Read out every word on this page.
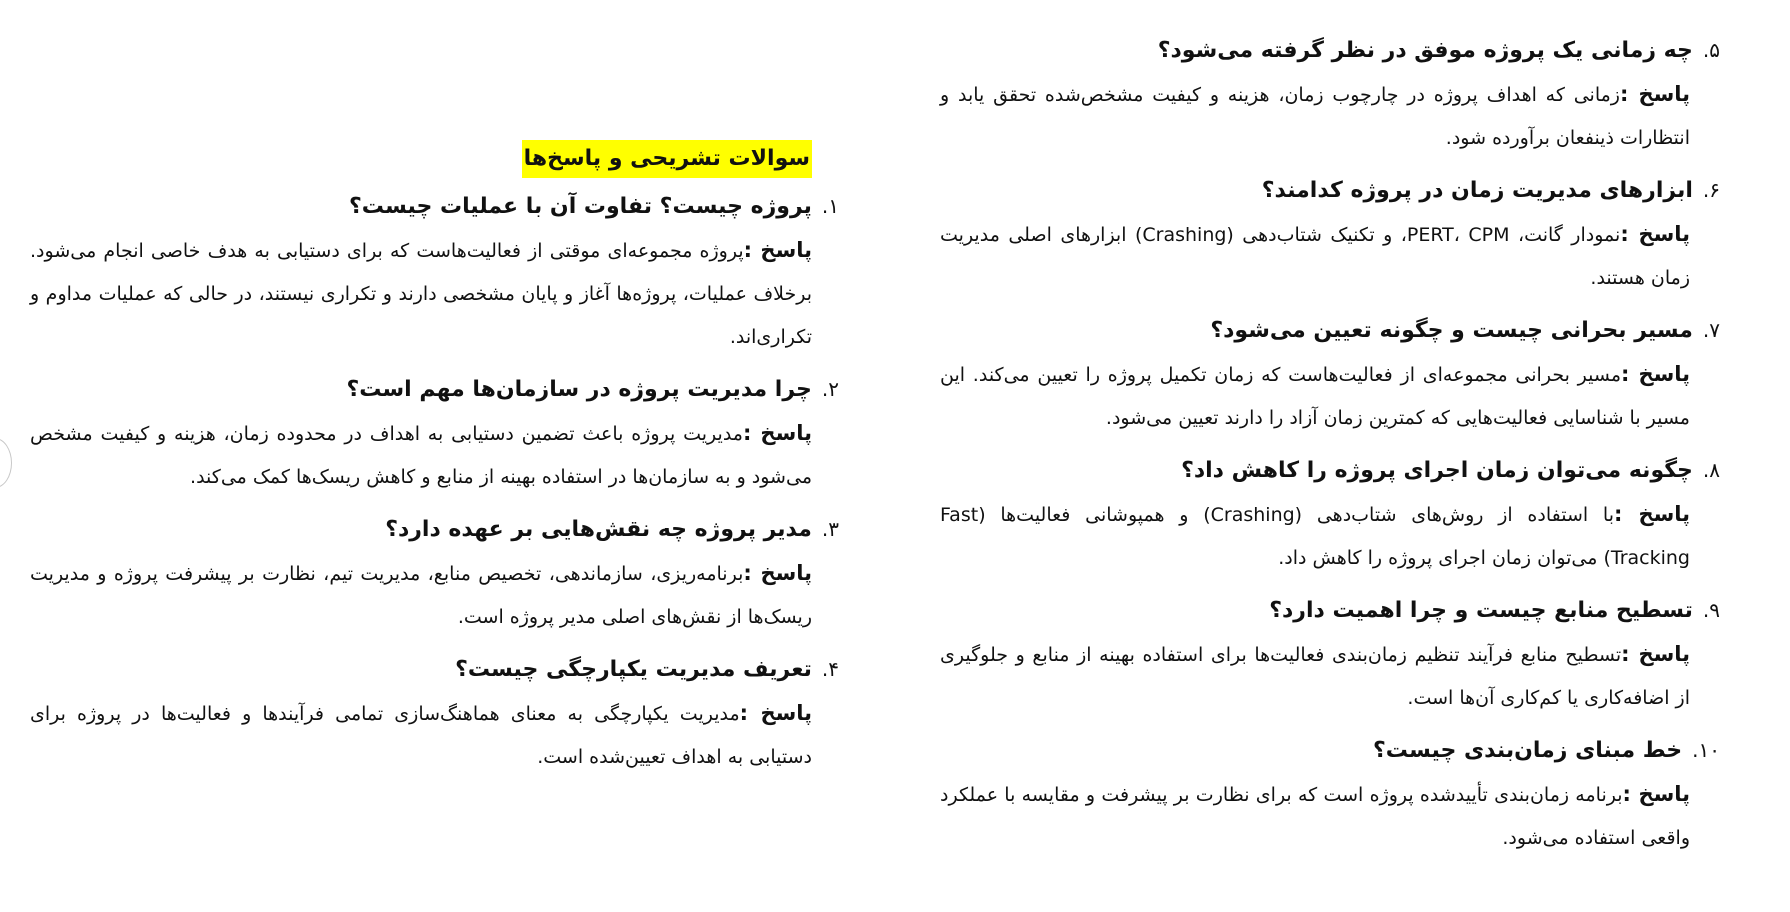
سوالات تشریحی و پاسخ‌ها
۱.
پروژه چیست؟ تفاوت آن با عملیات چیست؟

پاسخ :پروژه مجموعه‌ای موقتی از فعالیت‌هاست که برای دستیابی به هدف خاصی انجام می‌شود. برخلاف عملیات، پروژه‌ها آغاز و پایان مشخصی دارند و تکراری نیستند، در حالی که عملیات مداوم و تکراری‌اند.

۲.
چرا مدیریت پروژه در سازمان‌ها مهم است؟

پاسخ :مدیریت پروژه باعث تضمین دستیابی به اهداف در محدوده زمان، هزینه و کیفیت مشخص می‌شود و به سازمان‌ها در استفاده بهینه از منابع و کاهش ریسک‌ها کمک می‌کند.

۳.
مدیر پروژه چه نقش‌هایی بر عهده دارد؟

پاسخ :برنامه‌ریزی، سازماندهی، تخصیص منابع، مدیریت تیم، نظارت بر پیشرفت پروژه و مدیریت ریسک‌ها از نقش‌های اصلی مدیر پروژه است.

۴.
تعریف مدیریت یکپارچگی چیست؟

پاسخ :مدیریت یکپارچگی به معنای هماهنگ‌سازی تمامی فرآیندها و فعالیت‌ها در پروژه برای دستیابی به اهداف تعیین‌شده است.

۵.
چه زمانی یک پروژه موفق در نظر گرفته می‌شود؟

پاسخ :زمانی که اهداف پروژه در چارچوب زمان، هزینه و کیفیت مشخص‌شده تحقق یابد و انتظارات ذینفعان برآورده شود.

۶.
ابزارهای مدیریت زمان در پروژه کدامند؟

پاسخ :نمودار گانت، PERT، CPM، و تکنیک شتاب‌دهی (Crashing) ابزارهای اصلی مدیریت زمان هستند.

۷.
مسیر بحرانی چیست و چگونه تعیین می‌شود؟

پاسخ :مسیر بحرانی مجموعه‌ای از فعالیت‌هاست که زمان تکمیل پروژه را تعیین می‌کند. این مسیر با شناسایی فعالیت‌هایی که کمترین زمان آزاد را دارند تعیین می‌شود.

۸.
چگونه می‌توان زمان اجرای پروژه را کاهش داد؟

پاسخ :با استفاده از روش‌های شتاب‌دهی (Crashing) و همپوشانی فعالیت‌ها (Fast Tracking) می‌توان زمان اجرای پروژه را کاهش داد.

۹.
تسطیح منابع چیست و چرا اهمیت دارد؟

پاسخ :تسطیح منابع فرآیند تنظیم زمان‌بندی فعالیت‌ها برای استفاده بهینه از منابع و جلوگیری از اضافه‌کاری یا کم‌کاری آن‌ها است.

۱۰.
خط مبنای زمان‌بندی چیست؟

پاسخ :برنامه زمان‌بندی تأییدشده پروژه است که برای نظارت بر پیشرفت و مقایسه با عملکرد واقعی استفاده می‌شود.
